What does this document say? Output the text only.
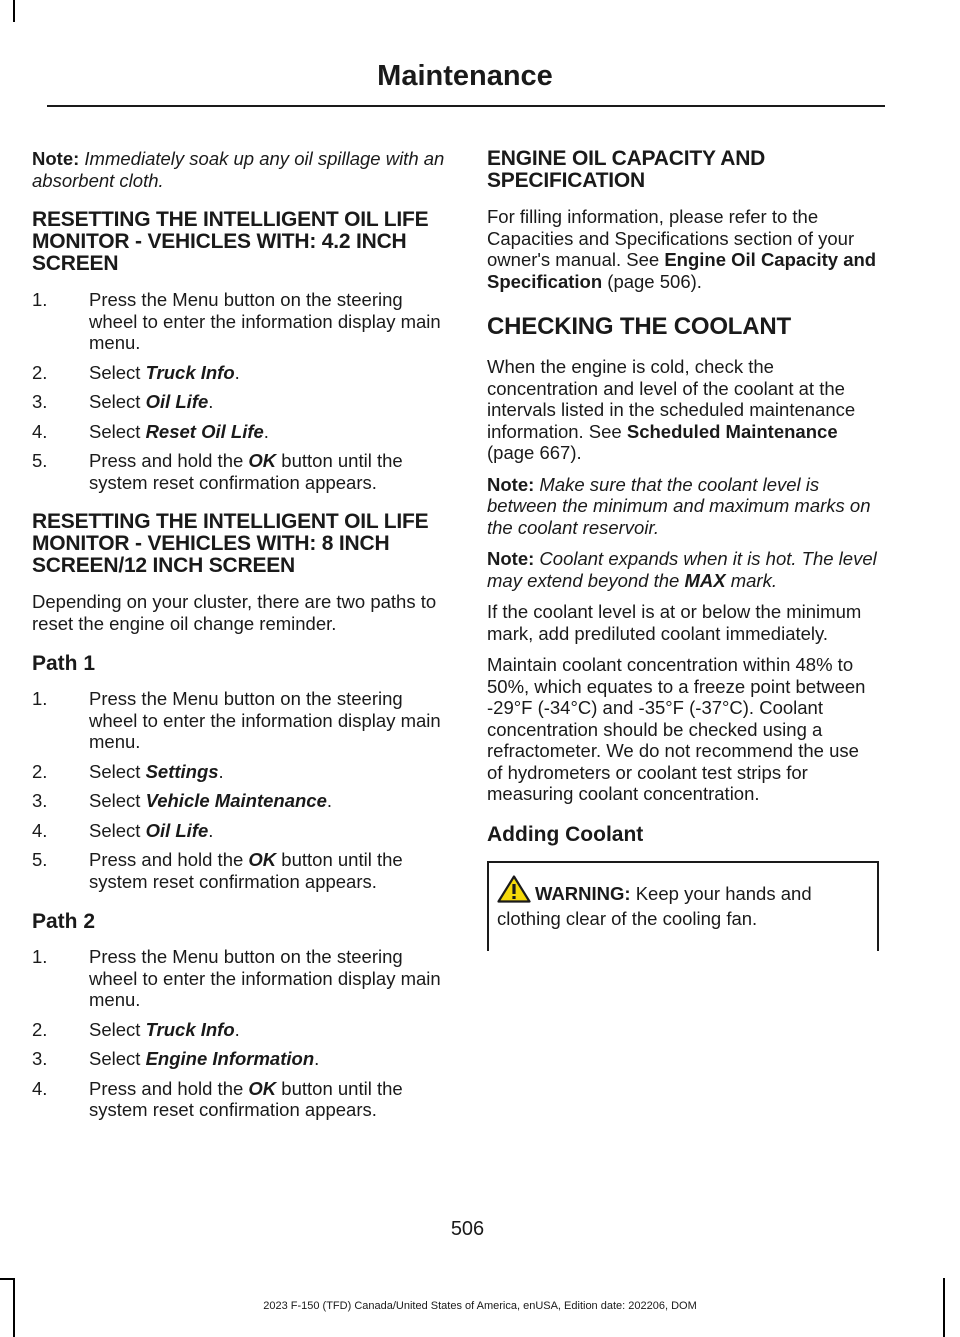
Maintenance

Note: Immediately soak up any oil spillage with an absorbent cloth.

RESETTING THE INTELLIGENT OIL LIFE MONITOR - VEHICLES WITH: 4.2 INCH SCREEN
1. Press the Menu button on the steering wheel to enter the information display main menu.
2. Select Truck Info.
3. Select Oil Life.
4. Select Reset Oil Life.
5. Press and hold the OK button until the system reset confirmation appears.
RESETTING THE INTELLIGENT OIL LIFE MONITOR - VEHICLES WITH: 8 INCH SCREEN/12 INCH SCREEN

Depending on your cluster, there are two paths to reset the engine oil change reminder.

Path 1
1. Press the Menu button on the steering wheel to enter the information display main menu.
2. Select Settings.
3. Select Vehicle Maintenance.
4. Select Oil Life.
5. Press and hold the OK button until the system reset confirmation appears.
Path 2
1. Press the Menu button on the steering wheel to enter the information display main menu.
2. Select Truck Info.
3. Select Engine Information.
4. Press and hold the OK button until the system reset confirmation appears.
ENGINE OIL CAPACITY AND SPECIFICATION

For filling information, please refer to the Capacities and Specifications section of your owner's manual. See Engine Oil Capacity and Specification (page 506).

CHECKING THE COOLANT

When the engine is cold, check the concentration and level of the coolant at the intervals listed in the scheduled maintenance information. See Scheduled Maintenance (page 667).

Note: Make sure that the coolant level is between the minimum and maximum marks on the coolant reservoir.

Note: Coolant expands when it is hot. The level may extend beyond the MAX mark.

If the coolant level is at or below the minimum mark, add prediluted coolant immediately.

Maintain coolant concentration within 48% to 50%, which equates to a freeze point between -29°F (-34°C) and -35°F (-37°C). Coolant concentration should be checked using a refractometer. We do not recommend the use of hydrometers or coolant test strips for measuring coolant concentration.

Adding Coolant
WARNING: Keep your hands and clothing clear of the cooling fan.
506
2023 F-150 (TFD) Canada/United States of America, enUSA, Edition date: 202206, DOM
